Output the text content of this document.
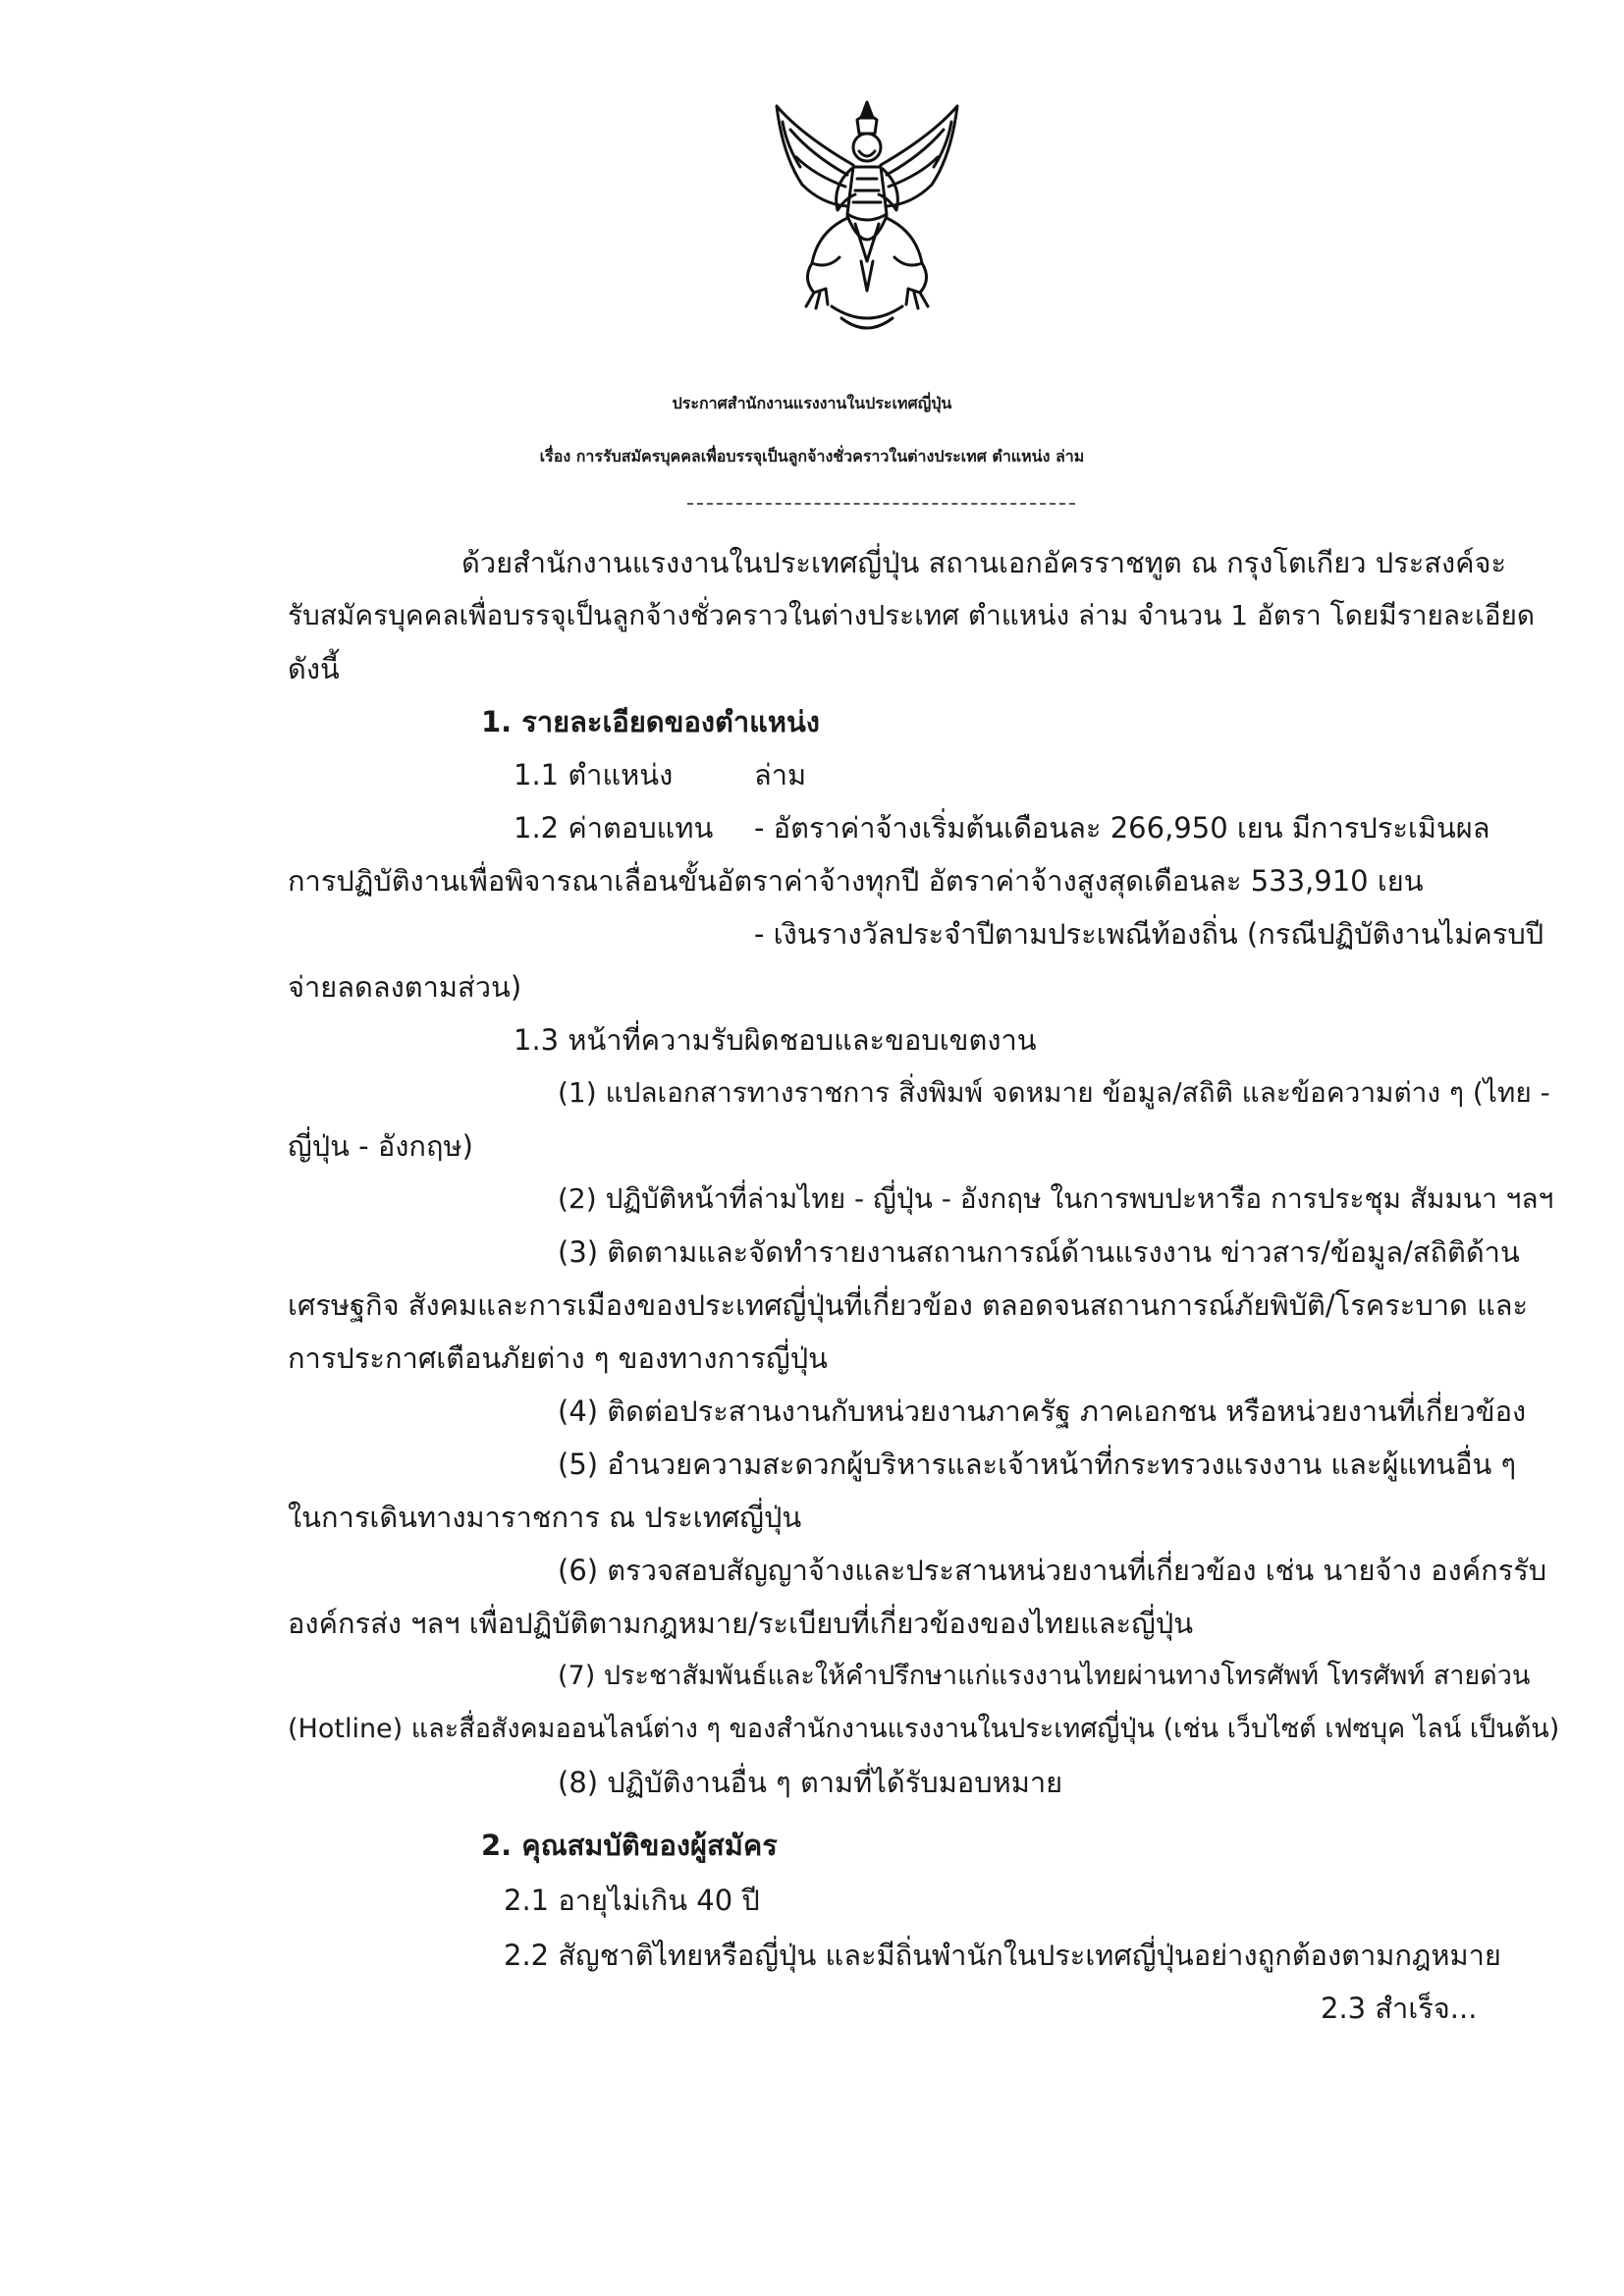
ประกาศสำนักงานแรงงานในประเทศญี่ปุ่น
เรื่อง การรับสมัครบุคคลเพื่อบรรจุเป็นลูกจ้างชั่วคราวในต่างประเทศ ตำแหน่ง ล่าม
ด้วยสำนักงานแรงงานในประเทศญี่ปุ่น สถานเอกอัครราชทูต ณ กรุงโตเกียว ประสงค์จะ
รับสมัครบุคคลเพื่อบรรจุเป็นลูกจ้างชั่วคราวในต่างประเทศ ตำแหน่ง ล่าม จำนวน 1 อัตรา โดยมีรายละเอียด
ดังนี้
1. รายละเอียดของตำแหน่ง
1.1 ตำแหน่ง	ล่าม
1.2 ค่าตอบแทน - อัตราค่าจ้างเริ่มต้นเดือนละ 266,950 เยน มีการประเมินผล
การปฏิบัติงานเพื่อพิจารณาเลื่อนขั้นอัตราค่าจ้างทุกปี อัตราค่าจ้างสูงสุดเดือนละ 533,910 เยน
- เงินรางวัลประจำปีตามประเพณีท้องถิ่น (กรณีปฏิบัติงานไม่ครบปี
จ่ายลดลงตามส่วน)
1.3 หน้าที่ความรับผิดชอบและขอบเขตงาน
(1) แปลเอกสารทางราชการ สิ่งพิมพ์ จดหมาย ข้อมูล/สถิติ และข้อความต่าง ๆ (ไทย -
ญี่ปุ่น - อังกฤษ)
(2) ปฏิบัติหน้าที่ล่ามไทย - ญี่ปุ่น - อังกฤษ ในการพบปะหารือ การประชุม สัมมนา ฯลฯ
(3) ติดตามและจัดทำรายงานสถานการณ์ด้านแรงงาน ข่าวสาร/ข้อมูล/สถิติด้าน
เศรษฐกิจ สังคมและการเมืองของประเทศญี่ปุ่นที่เกี่ยวข้อง ตลอดจนสถานการณ์ภัยพิบัติ/โรคระบาด และ
การประกาศเตือนภัยต่าง ๆ ของทางการญี่ปุ่น
(4) ติดต่อประสานงานกับหน่วยงานภาครัฐ ภาคเอกชน หรือหน่วยงานที่เกี่ยวข้อง
(5) อำนวยความสะดวกผู้บริหารและเจ้าหน้าที่กระทรวงแรงงาน และผู้แทนอื่น ๆ
ในการเดินทางมาราชการ ณ ประเทศญี่ปุ่น
(6) ตรวจสอบสัญญาจ้างและประสานหน่วยงานที่เกี่ยวข้อง เช่น นายจ้าง องค์กรรับ
องค์กรส่ง ฯลฯ เพื่อปฏิบัติตามกฎหมาย/ระเบียบที่เกี่ยวข้องของไทยและญี่ปุ่น
(7) ประชาสัมพันธ์และให้คำปรึกษาแก่แรงงานไทยผ่านทางโทรศัพท์ โทรศัพท์ สายด่วน
(Hotline) และสื่อสังคมออนไลน์ต่าง ๆ ของสำนักงานแรงงานในประเทศญี่ปุ่น (เช่น เว็บไซต์ เฟซบุค ไลน์ เป็นต้น)
(8) ปฏิบัติงานอื่น ๆ ตามที่ได้รับมอบหมาย
2. คุณสมบัติของผู้สมัคร
2.1 อายุไม่เกิน 40 ปี
2.2 สัญชาติไทยหรือญี่ปุ่น และมีถิ่นพำนักในประเทศญี่ปุ่นอย่างถูกต้องตามกฎหมาย
2.3 สำเร็จ...
